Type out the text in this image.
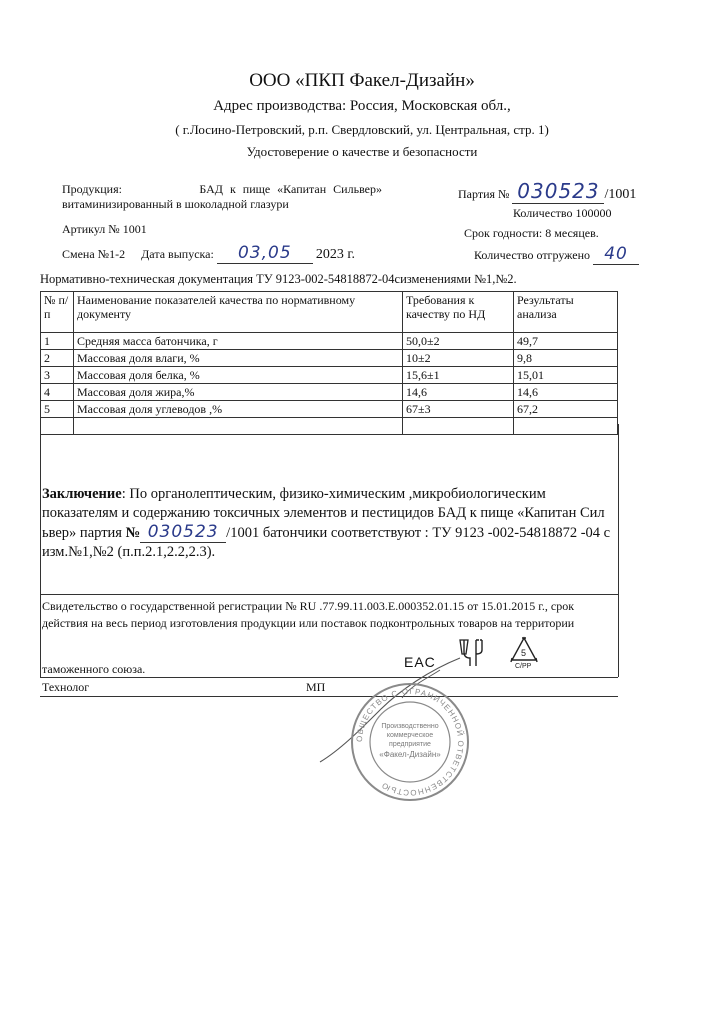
ООО «ПКП Факел-Дизайн»
Адрес производства: Россия, Московская обл.,
( г.Лосино-Петровский, р.п. Свердловский, ул. Центральная, стр. 1)
Удостоверение о качестве и безопасности
Продукция:	БАД к пище «Капитан Сильвер»
витаминизированный в шоколадной глазури
Артикул № 1001
Смена №1-2 Дата выпуска: 03,05 2023 г.
Партия № 030523 /1001
Количество 100000
Срок годности: 8 месяцев.
Количество отгружено 40
Нормативно-техническая документация ТУ 9123-002-54818872-04сизменениями №1,№2.
№ п/п	Наименование показателей качества по нормативному документу	Требования к качеству по НД	Результаты анализа
1	Средняя масса батончика, г	50,0±2	49,7
2	Массовая доля влаги, %	10±2	9,8
3	Массовая доля белка, %	15,6±1	15,01
4	Массовая доля жира,%	14,6	14,6
5	Массовая доля углеводов ,%	67±3	67,2

Заключение: По органолептическим, физико-химическим ,микробиологическим показателям и содержанию токсичных элементов и пестицидов БАД к пище «Капитан Сил ьвер» партия № 030523 /1001 батончики соответствуют : ТУ 9123 -002-54818872 -04 с изм.№1,№2 (п.п.2.1,2.2,2.3).
Свидетельство о государственной регистрации № RU .77.99.11.003.Е.000352.01.15 от 15.01.2015 г., срок действия на весь период изготовления продукции или поставок подконтрольных товаров на территории
таможенного союза.	EAC
5
C/PP
Технолог	МП
ОБЩЕСТВО С ОГРАНИЧЕННОЙ ОТВЕТСТВЕННОСТЬЮ
Производственно
коммерческое
предприятие
«Факел-Дизайн»
